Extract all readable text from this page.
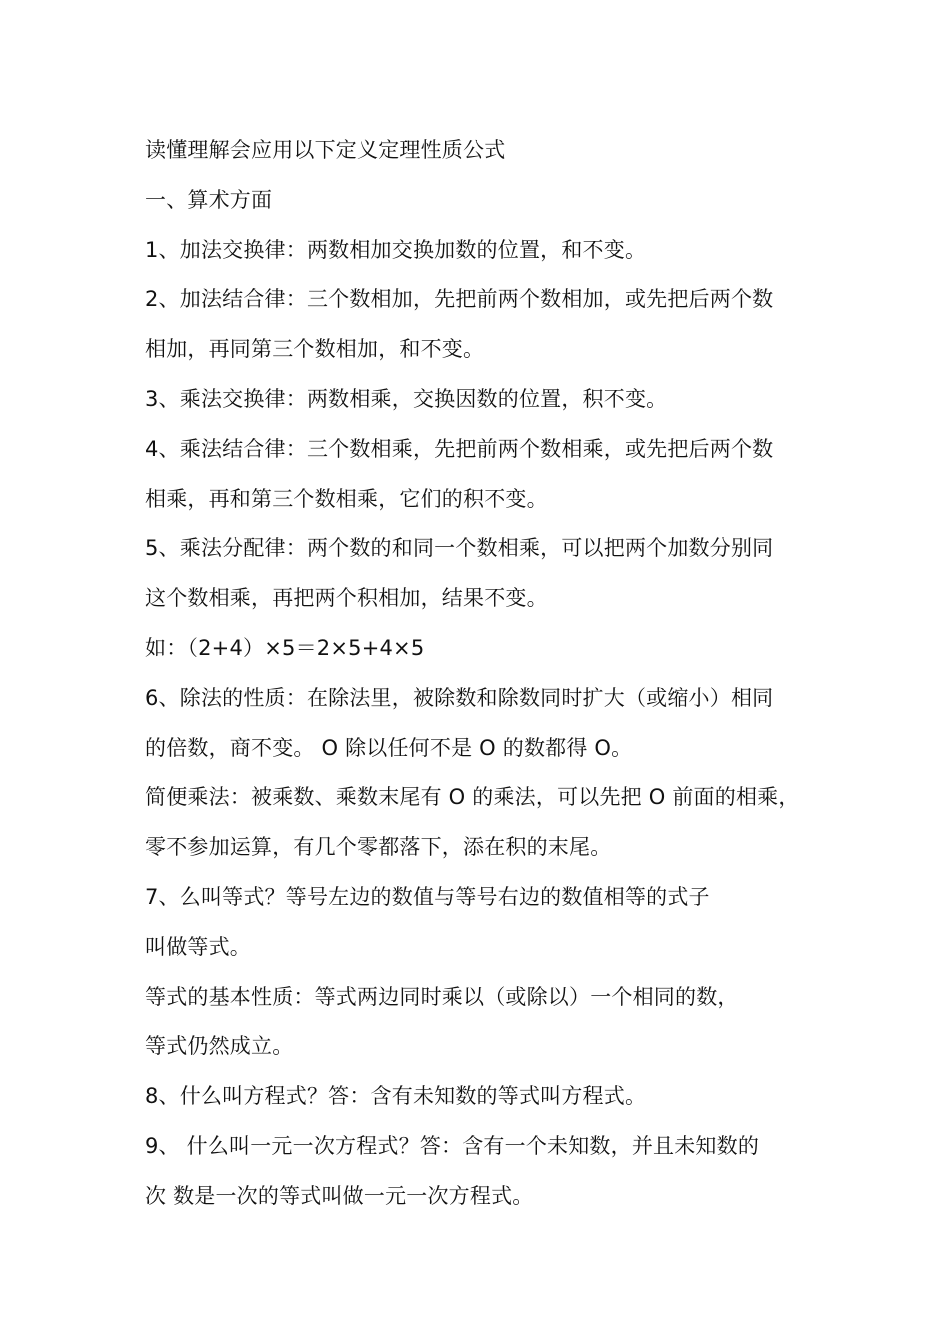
读懂理解会应用以下定义定理性质公式
一、算术方面
1、加法交换律：两数相加交换加数的位置，和不变。
2、加法结合律：三个数相加，先把前两个数相加，或先把后两个数
相加，再同第三个数相加，和不变。
3、乘法交换律：两数相乘，交换因数的位置，积不变。
4、乘法结合律：三个数相乘，先把前两个数相乘，或先把后两个数
相乘，再和第三个数相乘，它们的积不变。
5、乘法分配律：两个数的和同一个数相乘，可以把两个加数分别同
这个数相乘，再把两个积相加，结果不变。
如：（2+4）×5＝2×5+4×5
6、除法的性质：在除法里，被除数和除数同时扩大（或缩小）相同
的倍数，商不变。 O 除以任何不是 O 的数都得 O。
简便乘法：被乘数、乘数末尾有 O 的乘法，可以先把 O 前面的相乘，
零不参加运算，有几个零都落下，添在积的末尾。
7、么叫等式？等号左边的数值与等号右边的数值相等的式子
叫做等式。
等式的基本性质：等式两边同时乘以（或除以）一个相同的数，
等式仍然成立。
8、什么叫方程式？答：含有未知数的等式叫方程式。
9、 什么叫一元一次方程式？答：含有一个未知数，并且未知数的
次 数是一次的等式叫做一元一次方程式。
